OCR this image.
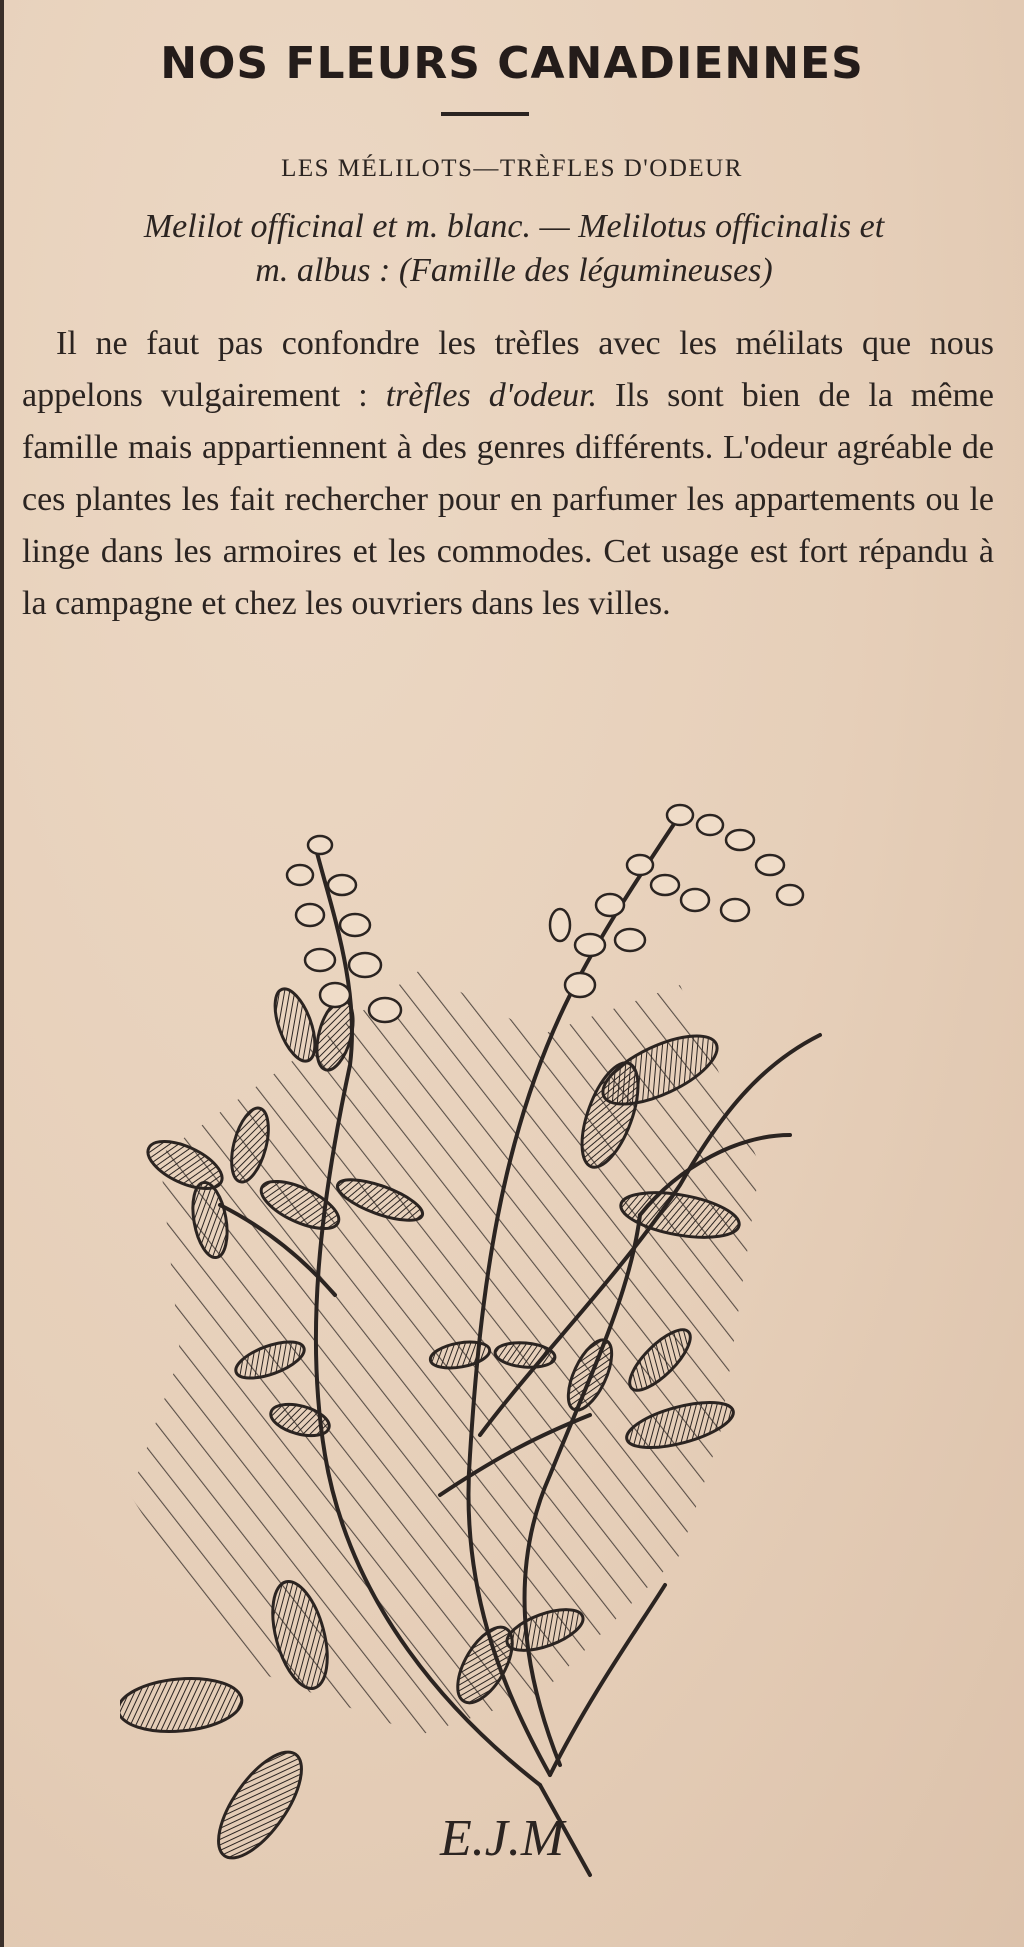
NOS FLEURS CANADIENNES
LES MÉLILOTS—TRÈFLES D'ODEUR
Melilot officinal et m. blanc. — Melilotus officinalis et
m. albus : (Famille des légumineuses)

Il ne faut pas confondre les trèfles avec les mélilats que nous appelons vulgairement : trèfles d'odeur. Ils sont bien de la même famille mais appartiennent à des genres différents. L'odeur agréable de ces plantes les fait rechercher pour en parfumer les appartements ou le linge dans les armoires et les commodes. Cet usage est fort répandu à la campagne et chez les ouvriers dans les villes.

E.J.M
